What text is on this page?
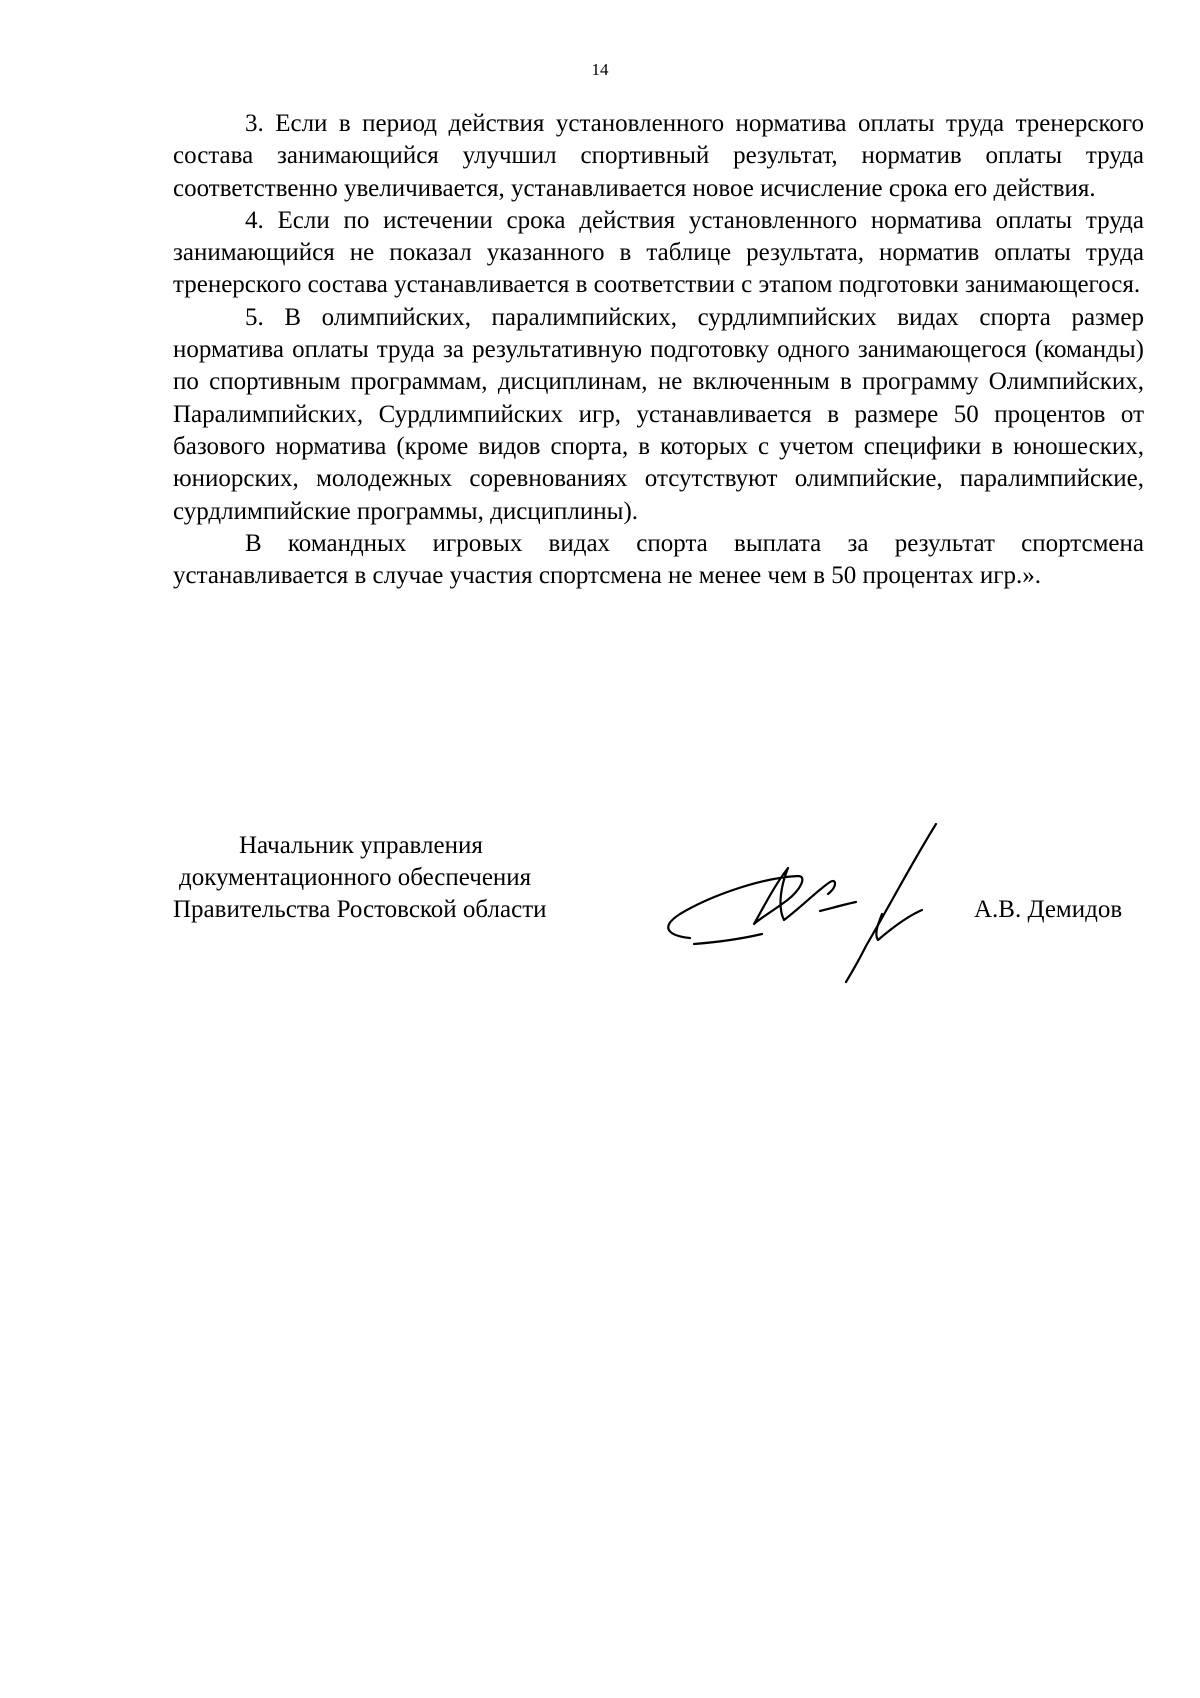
14

3. Если в период действия установленного норматива оплаты труда тренерского состава занимающийся улучшил спортивный результат, норматив оплаты труда соответственно увеличивается, устанавливается новое исчисление срока его действия.

4. Если по истечении срока действия установленного норматива оплаты труда занимающийся не показал указанного в таблице результата, норматив оплаты труда тренерского состава устанавливается в соответствии с этапом подготовки занимающегося.

5. В олимпийских, паралимпийских, сурдлимпийских видах спорта размер норматива оплаты труда за результативную подготовку одного занимающегося (команды) по спортивным программам, дисциплинам, не включенным в программу Олимпийских, Паралимпийских, Сурдлимпийских игр, устанавливается в размере 50 процентов от базового норматива (кроме видов спорта, в которых с учетом специфики в юношеских, юниорских, молодежных соревнованиях отсутствуют олимпийские, паралимпийские, сурдлимпийские программы, дисциплины).

В командных игровых видах спорта выплата за результат спортсмена устанавливается в случае участия спортсмена не менее чем в 50 процентах игр.».

Начальник управления
документационного обеспечения
Правительства Ростовской области	А.В. Демидов
